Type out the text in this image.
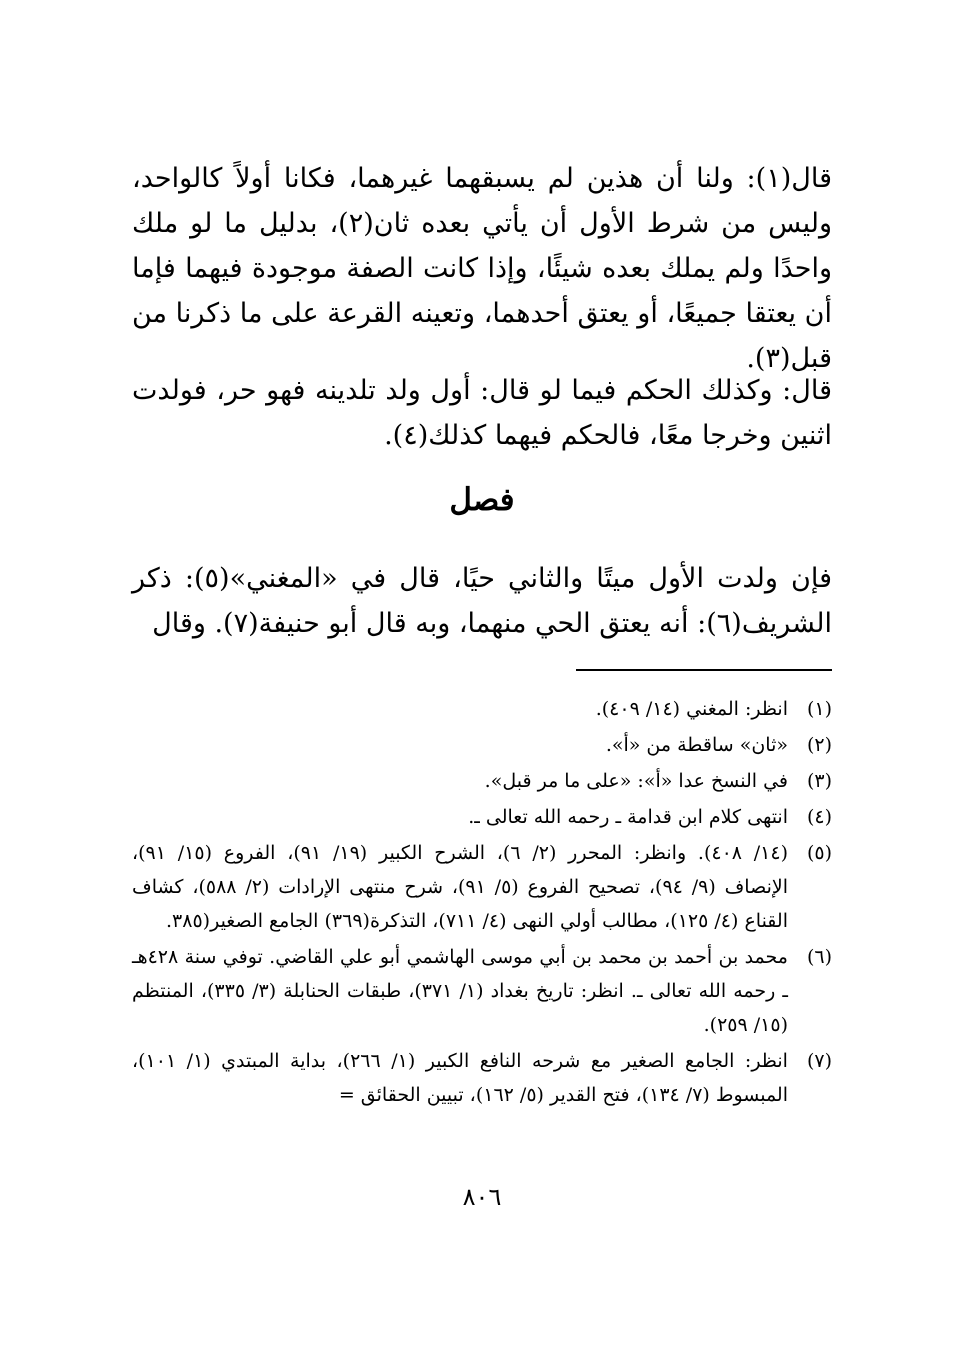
قال(١): ولنا أن هذين لم يسبقهما غيرهما، فكانا أولاً كالواحد، وليس من شرط الأول أن يأتي بعده ثان(٢)، بدليل ما لو ملك واحدًا ولم يملك بعده شيئًا، وإذا كانت الصفة موجودة فيهما فإما أن يعتقا جميعًا، أو يعتق أحدهما، وتعينه القرعة على ما ذكرنا من قبل(٣).

قال: وكذلك الحكم فيما لو قال: أول ولد تلدينه فهو حر، فولدت اثنين وخرجا معًا، فالحكم فيهما كذلك(٤).

فصل

فإن ولدت الأول ميتًا والثاني حيًا، قال في «المغني»(٥): ذكر الشريف(٦): أنه يعتق الحي منهما، وبه قال أبو حنيفة(٧). وقال

(١)
انظر: المغني (١٤/ ٤٠٩).
(٢)
«ثان» ساقطة من «أ».
(٣)
في النسخ عدا «أ»: «على ما مر قبل».
(٤)
انتهى كلام ابن قدامة ـ رحمه الله تعالى ـ.
(٥)
(١٤/ ٤٠٨). وانظر: المحرر (٢/ ٦)، الشرح الكبير (١٩/ ٩١)، الفروع (١٥/ ٩١)، الإنصاف (٩/ ٩٤)، تصحيح الفروع (٥/ ٩١)، شرح منتهى الإرادات (٢/ ٥٨٨)، كشاف القناع (٤/ ١٢٥)، مطالب أولي النهى (٤/ ٧١١)، التذكرة(٣٦٩) الجامع الصغير(٣٨٥.
(٦)
محمد بن أحمد بن محمد بن أبي موسى الهاشمي أبو علي القاضي. توفي سنة ٤٢٨هـ ـ رحمه الله تعالى ـ. انظر: تاريخ بغداد (١/ ٣٧١)، طبقات الحنابلة (٣/ ٣٣٥)، المنتظم (١٥/ ٢٥٩).
(٧)
انظر: الجامع الصغير مع شرحه النافع الكبير (١/ ٢٦٦)، بداية المبتدي (١/ ١٠١)، المبسوط (٧/ ١٣٤)، فتح القدير (٥/ ١٦٢)، تبيين الحقائق =
٨٠٦
